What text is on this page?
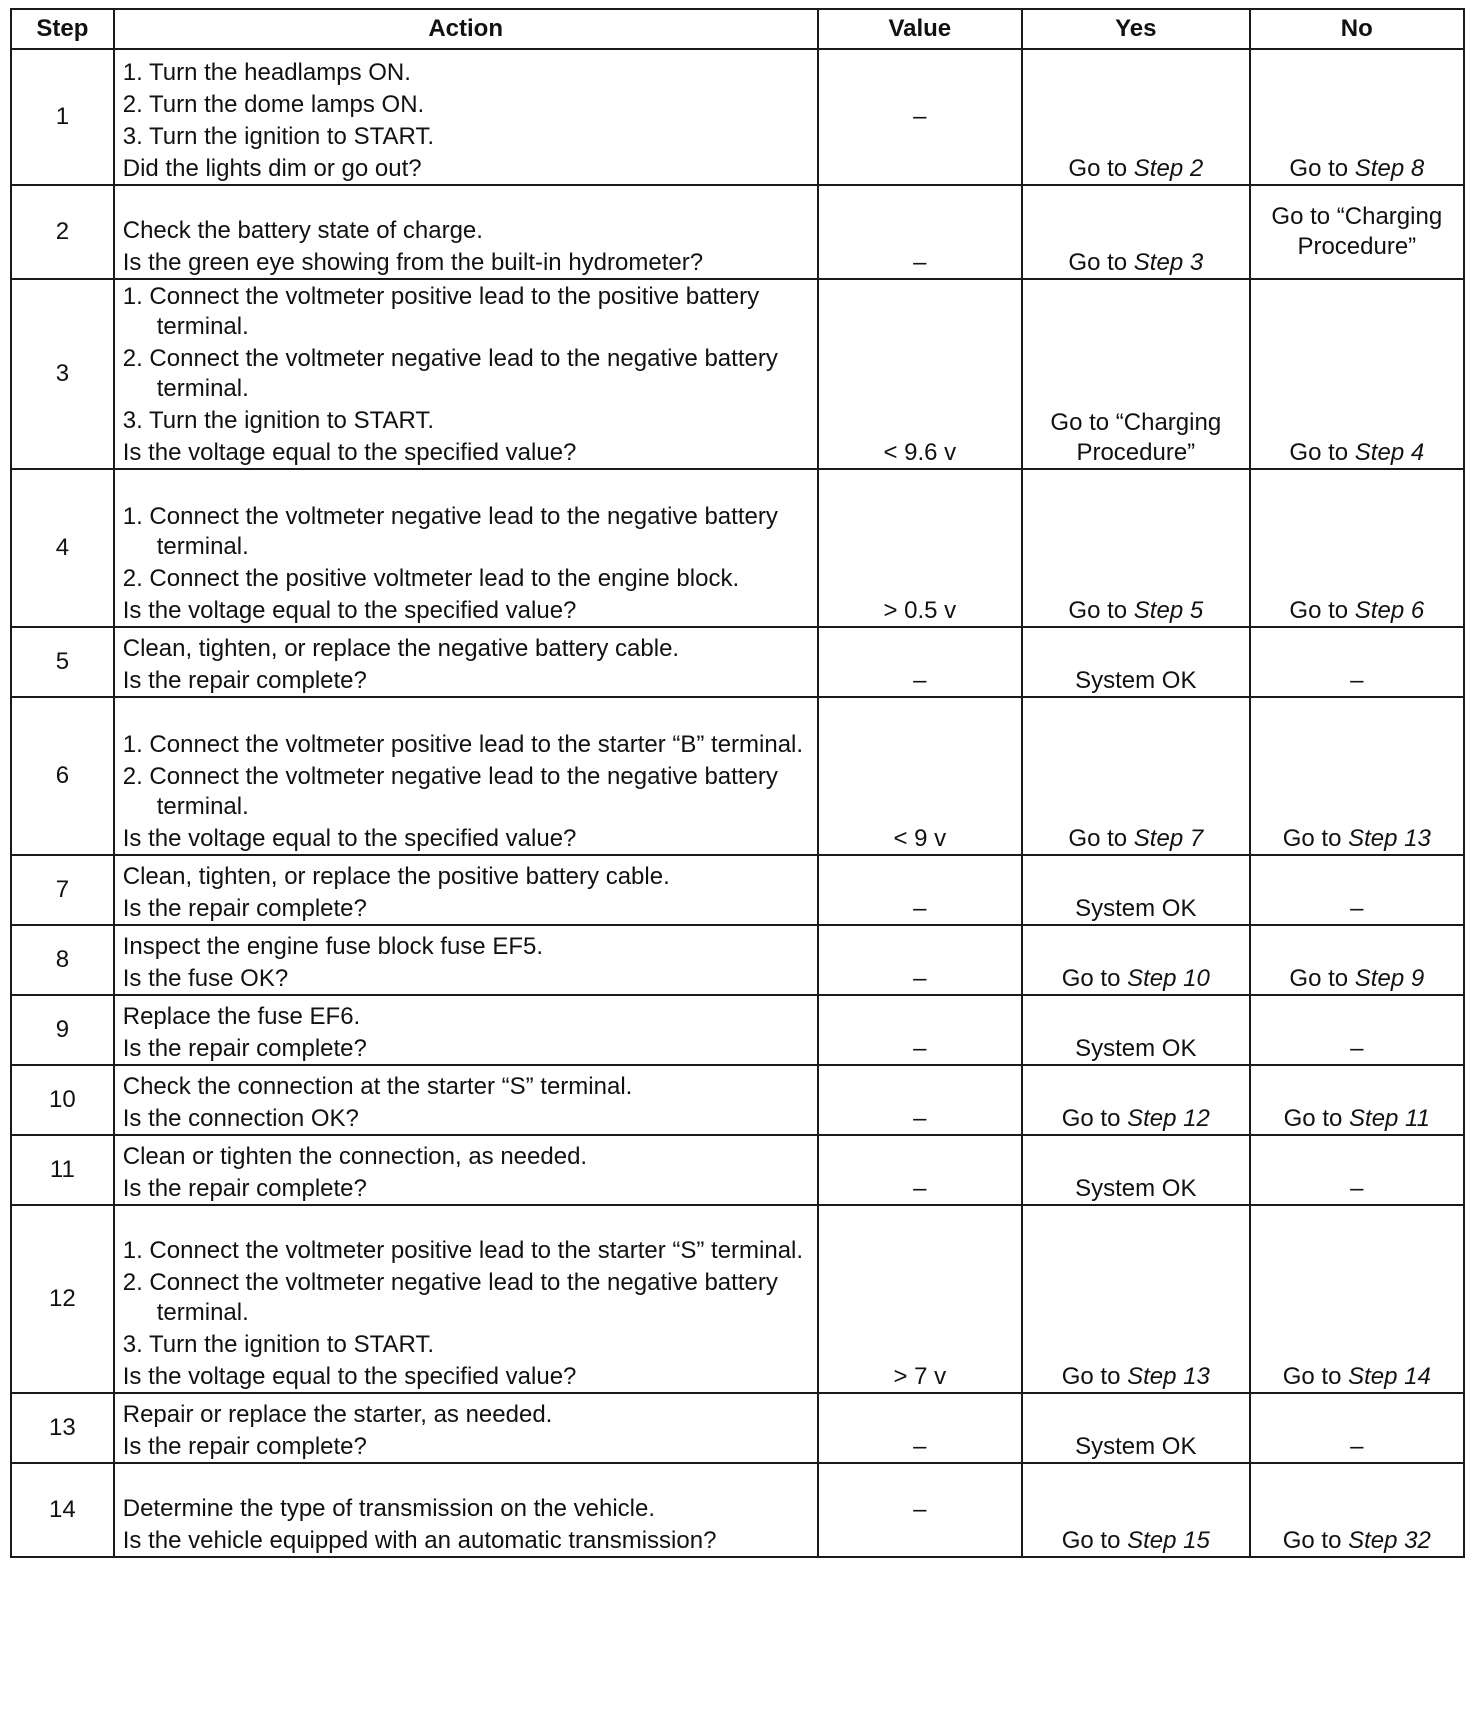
Step	Action	Value	Yes	No
1	1. Turn the headlamps ON.
2. Turn the dome lamps ON.
3. Turn the ignition to START.
Did the lights dim or go out?	–	Go to Step 2	Go to Step 8
2	Check the battery state of charge.
Is the green eye showing from the built-in hydrometer?	–	Go to Step 3	Go to “Charging Procedure”
3	1. Connect the voltmeter positive lead to the positive battery terminal.
2. Connect the voltmeter negative lead to the negative battery terminal.
3. Turn the ignition to START.
Is the voltage equal to the specified value?	< 9.6 v	Go to “Charging Procedure”	Go to Step 4
4	1. Connect the voltmeter negative lead to the negative battery terminal.
2. Connect the positive voltmeter lead to the engine block.
Is the voltage equal to the specified value?	> 0.5 v	Go to Step 5	Go to Step 6
5	Clean, tighten, or replace the negative battery cable.
Is the repair complete?	–	System OK	–
6	1. Connect the voltmeter positive lead to the starter “B” terminal.
2. Connect the voltmeter negative lead to the negative battery terminal.
Is the voltage equal to the specified value?	< 9 v	Go to Step 7	Go to Step 13
7	Clean, tighten, or replace the positive battery cable.
Is the repair complete?	–	System OK	–
8	Inspect the engine fuse block fuse EF5.
Is the fuse OK?	–	Go to Step 10	Go to Step 9
9	Replace the fuse EF6.
Is the repair complete?	–	System OK	–
10	Check the connection at the starter “S” terminal.
Is the connection OK?	–	Go to Step 12	Go to Step 11
11	Clean or tighten the connection, as needed.
Is the repair complete?	–	System OK	–
12	1. Connect the voltmeter positive lead to the starter “S” terminal.
2. Connect the voltmeter negative lead to the negative battery terminal.
3. Turn the ignition to START.
Is the voltage equal to the specified value?	> 7 v	Go to Step 13	Go to Step 14
13	Repair or replace the starter, as needed.
Is the repair complete?	–	System OK	–
14	Determine the type of transmission on the vehicle.
Is the vehicle equipped with an automatic transmission?	–	Go to Step 15	Go to Step 32
